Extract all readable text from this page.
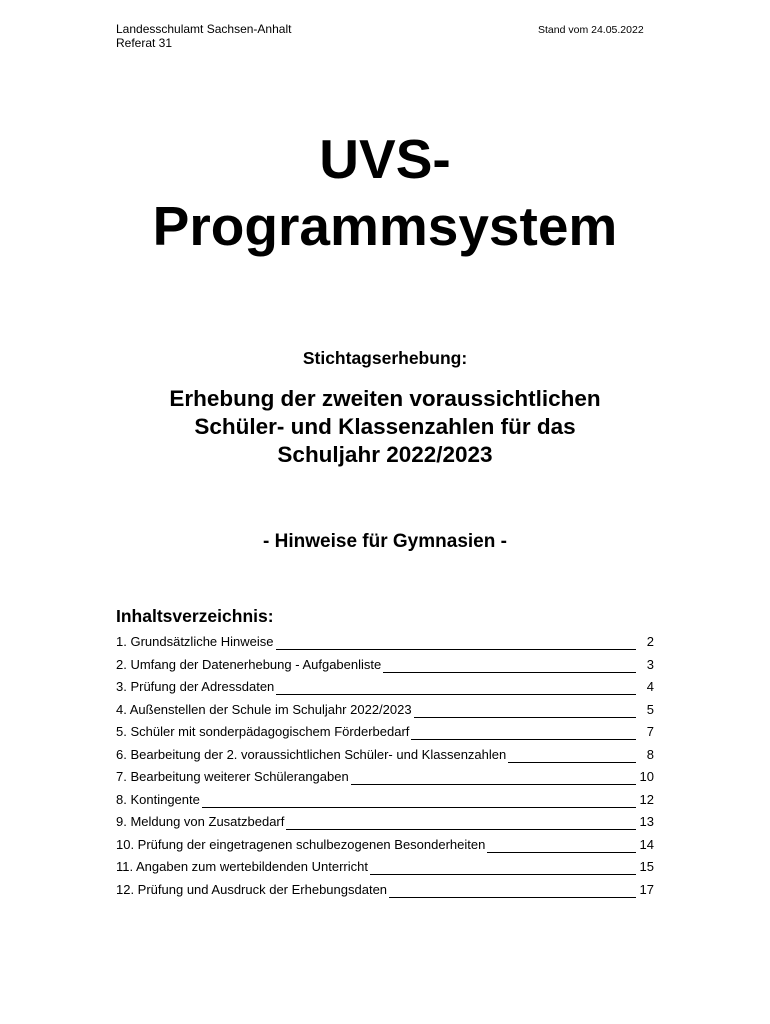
Landesschulamt Sachsen-Anhalt
Referat 31
Stand vom 24.05.2022
UVS-
Programmsystem
Stichtagserhebung:
Erhebung der zweiten voraussichtlichen
Schüler- und Klassenzahlen für das
Schuljahr 2022/2023
- Hinweise für Gymnasien -
Inhaltsverzeichnis:
1. Grundsätzliche Hinweise	2
2. Umfang der Datenerhebung - Aufgabenliste	3
3. Prüfung der Adressdaten	4
4. Außenstellen der Schule im Schuljahr 2022/2023	5
5. Schüler mit sonderpädagogischem Förderbedarf	7
6. Bearbeitung der 2. voraussichtlichen Schüler- und Klassenzahlen	8
7. Bearbeitung weiterer Schülerangaben	10
8. Kontingente	12
9. Meldung von Zusatzbedarf	13
10. Prüfung der eingetragenen schulbezogenen Besonderheiten	14
11. Angaben zum wertebildenden Unterricht	15
12. Prüfung und Ausdruck der Erhebungsdaten	17
